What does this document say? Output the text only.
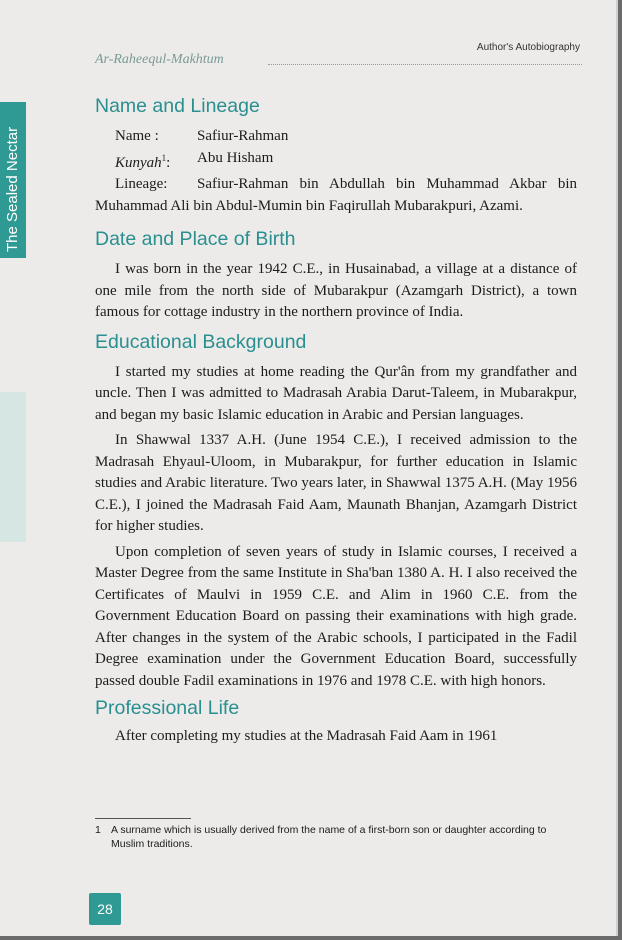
The Sealed Nectar
Ar-Raheequl-Makhtum
Author's Autobiography
Name and Lineage
Name :	Safiur-Rahman
Kunyah$^1$:	Abu Hisham

Lineage: Safiur-Rahman bin Abdullah bin Muhammad Akbar bin Muhammad Ali bin Abdul-Mumin bin Faqirullah Mubarakpuri, Azami.

Date and Place of Birth

I was born in the year 1942 C.E., in Husainabad, a village at a distance of one mile from the north side of Mubarakpur (Azamgarh District), a town famous for cottage industry in the northern province of India.

Educational Background

I started my studies at home reading the Qur'ân from my grandfather and uncle. Then I was admitted to Madrasah Arabia Darut-Taleem, in Mubarakpur, and began my basic Islamic education in Arabic and Persian languages.

In Shawwal 1337 A.H. (June 1954 C.E.), I received admission to the Madrasah Ehyaul-Uloom, in Mubarakpur, for further education in Islamic studies and Arabic literature. Two years later, in Shawwal 1375 A.H. (May 1956 C.E.), I joined the Madrasah Faid Aam, Maunath Bhanjan, Azamgarh District for higher studies.

Upon completion of seven years of study in Islamic courses, I received a Master Degree from the same Institute in Sha'ban 1380 A. H. I also received the Certificates of Maulvi in 1959 C.E. and Alim in 1960 C.E. from the Government Education Board on passing their examinations with high grade. After changes in the system of the Arabic schools, I participated in the Fadil Degree examination under the Government Education Board, successfully passed double Fadil examinations in 1976 and 1978 C.E. with high honors.

Professional Life

After completing my studies at the Madrasah Faid Aam in 1961

1 A surname which is usually derived from the name of a first-born son or daughter according to Muslim traditions.
28
